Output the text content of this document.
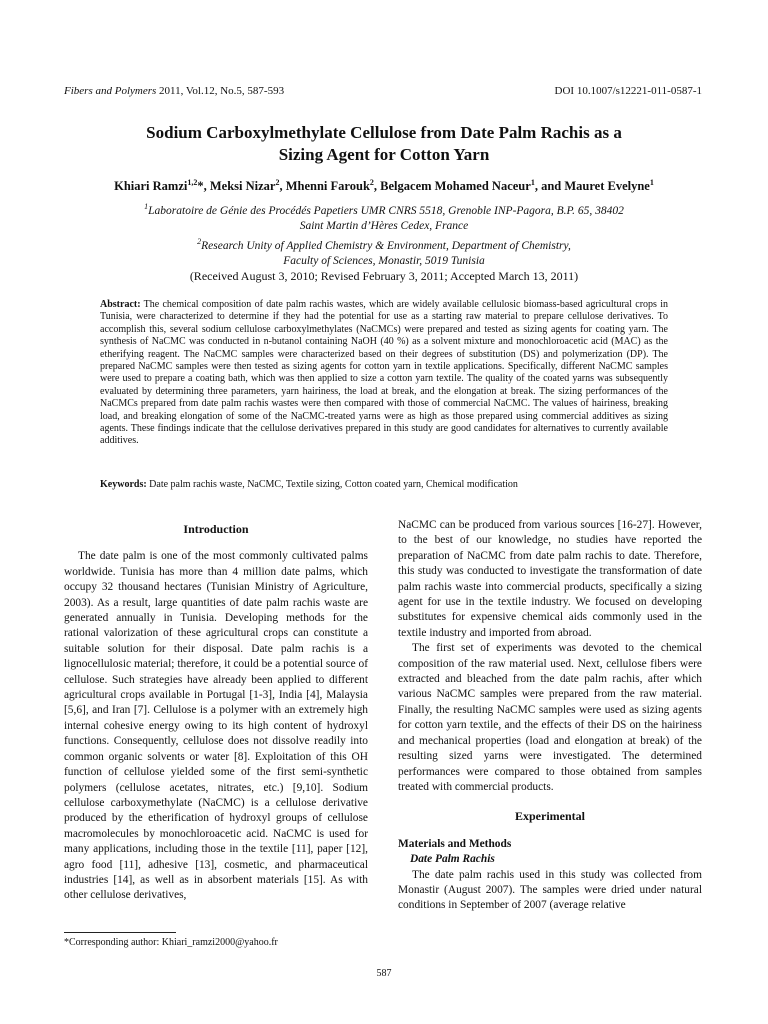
Fibers and Polymers 2011, Vol.12, No.5, 587-593	DOI 10.1007/s12221-011-0587-1
Sodium Carboxylmethylate Cellulose from Date Palm Rachis as a
Sizing Agent for Cotton Yarn
Khiari Ramzi$^{1,2}$*, Meksi Nizar$^2$, Mhenni Farouk$^2$, Belgacem Mohamed Naceur$^1$, and Mauret Evelyne$^1$
$^1$Laboratoire de Génie des Procédés Papetiers UMR CNRS 5518, Grenoble INP-Pagora, B.P. 65, 38402
Saint Martin d’Hères Cedex, France
$^2$Research Unity of Applied Chemistry & Environment, Department of Chemistry,
Faculty of Sciences, Monastir, 5019 Tunisia
(Received August 3, 2010; Revised February 3, 2011; Accepted March 13, 2011)
Abstract: The chemical composition of date palm rachis wastes, which are widely available cellulosic biomass-based agricultural crops in Tunisia, were characterized to determine if they had the potential for use as a starting raw material to prepare cellulose derivatives. To accomplish this, several sodium cellulose carboxylmethylates (NaCMCs) were prepared and tested as sizing agents for coating yarn. The synthesis of NaCMC was conducted in n-butanol containing NaOH (40 %) as a solvent mixture and monochloroacetic acid (MAC) as the etherifying reagent. The NaCMC samples were characterized based on their degrees of substitution (DS) and polymerization (DP). The prepared NaCMC samples were then tested as sizing agents for cotton yarn in textile applications. Specifically, different NaCMC samples were used to prepare a coating bath, which was then applied to size a cotton yarn textile. The quality of the coated yarns was subsequently evaluated by determining three parameters, yarn hairiness, the load at break, and the elongation at break. The sizing performances of the NaCMCs prepared from date palm rachis wastes were then compared with those of commercial NaCMC. The values of hairiness, breaking load, and breaking elongation of some of the NaCMC-treated yarns were as high as those prepared using commercial additives as sizing agents. These findings indicate that the cellulose derivatives prepared in this study are good candidates for alternatives to currently available additives.
Keywords: Date palm rachis waste, NaCMC, Textile sizing, Cotton coated yarn, Chemical modification
Introduction

The date palm is one of the most commonly cultivated palms worldwide. Tunisia has more than 4 million date palms, which occupy 32 thousand hectares (Tunisian Ministry of Agriculture, 2003). As a result, large quantities of date palm rachis waste are generated annually in Tunisia. Developing methods for the rational valorization of these agricultural crops can constitute a suitable solution for their disposal. Date palm rachis is a lignocellulosic material; therefore, it could be a potential source of cellulose. Such strategies have already been applied to different agricultural crops available in Portugal [1-3], India [4], Malaysia [5,6], and Iran [7]. Cellulose is a polymer with an extremely high internal cohesive energy owing to its high content of hydroxyl functions. Consequently, cellulose does not dissolve readily into common organic solvents or water [8]. Exploitation of this OH function of cellulose yielded some of the first semi-synthetic polymers (cellulose acetates, nitrates, etc.) [9,10]. Sodium cellulose carboxymethylate (NaCMC) is a cellulose derivative produced by the etherification of hydroxyl groups of cellulose macromolecules by monochloroacetic acid. NaCMC is used for many applications, including those in the textile [11], paper [12], agro food [11], adhesive [13], cosmetic, and pharmaceutical industries [14], as well as in absorbent materials [15]. As with other cellulose derivatives,

NaCMC can be produced from various sources [16-27]. However, to the best of our knowledge, no studies have reported the preparation of NaCMC from date palm rachis to date. Therefore, this study was conducted to investigate the transformation of date palm rachis waste into commercial products, specifically a sizing agent for use in the textile industry. We focused on developing substitutes for expensive chemical aids commonly used in the textile industry and imported from abroad.

The first set of experiments was devoted to the chemical composition of the raw material used. Next, cellulose fibers were extracted and bleached from the date palm rachis, after which various NaCMC samples were prepared from the raw material. Finally, the resulting NaCMC samples were used as sizing agents for cotton yarn textile, and the effects of their DS on the hairiness and mechanical properties (load and elongation at break) of the resulting sized yarns were investigated. The determined performances were compared to those obtained from samples treated with commercial products.

Experimental
Materials and Methods
Date Palm Rachis

The date palm rachis used in this study was collected from Monastir (August 2007). The samples were dried under natural conditions in September of 2007 (average relative

*Corresponding author: Khiari_ramzi2000@yahoo.fr
587
